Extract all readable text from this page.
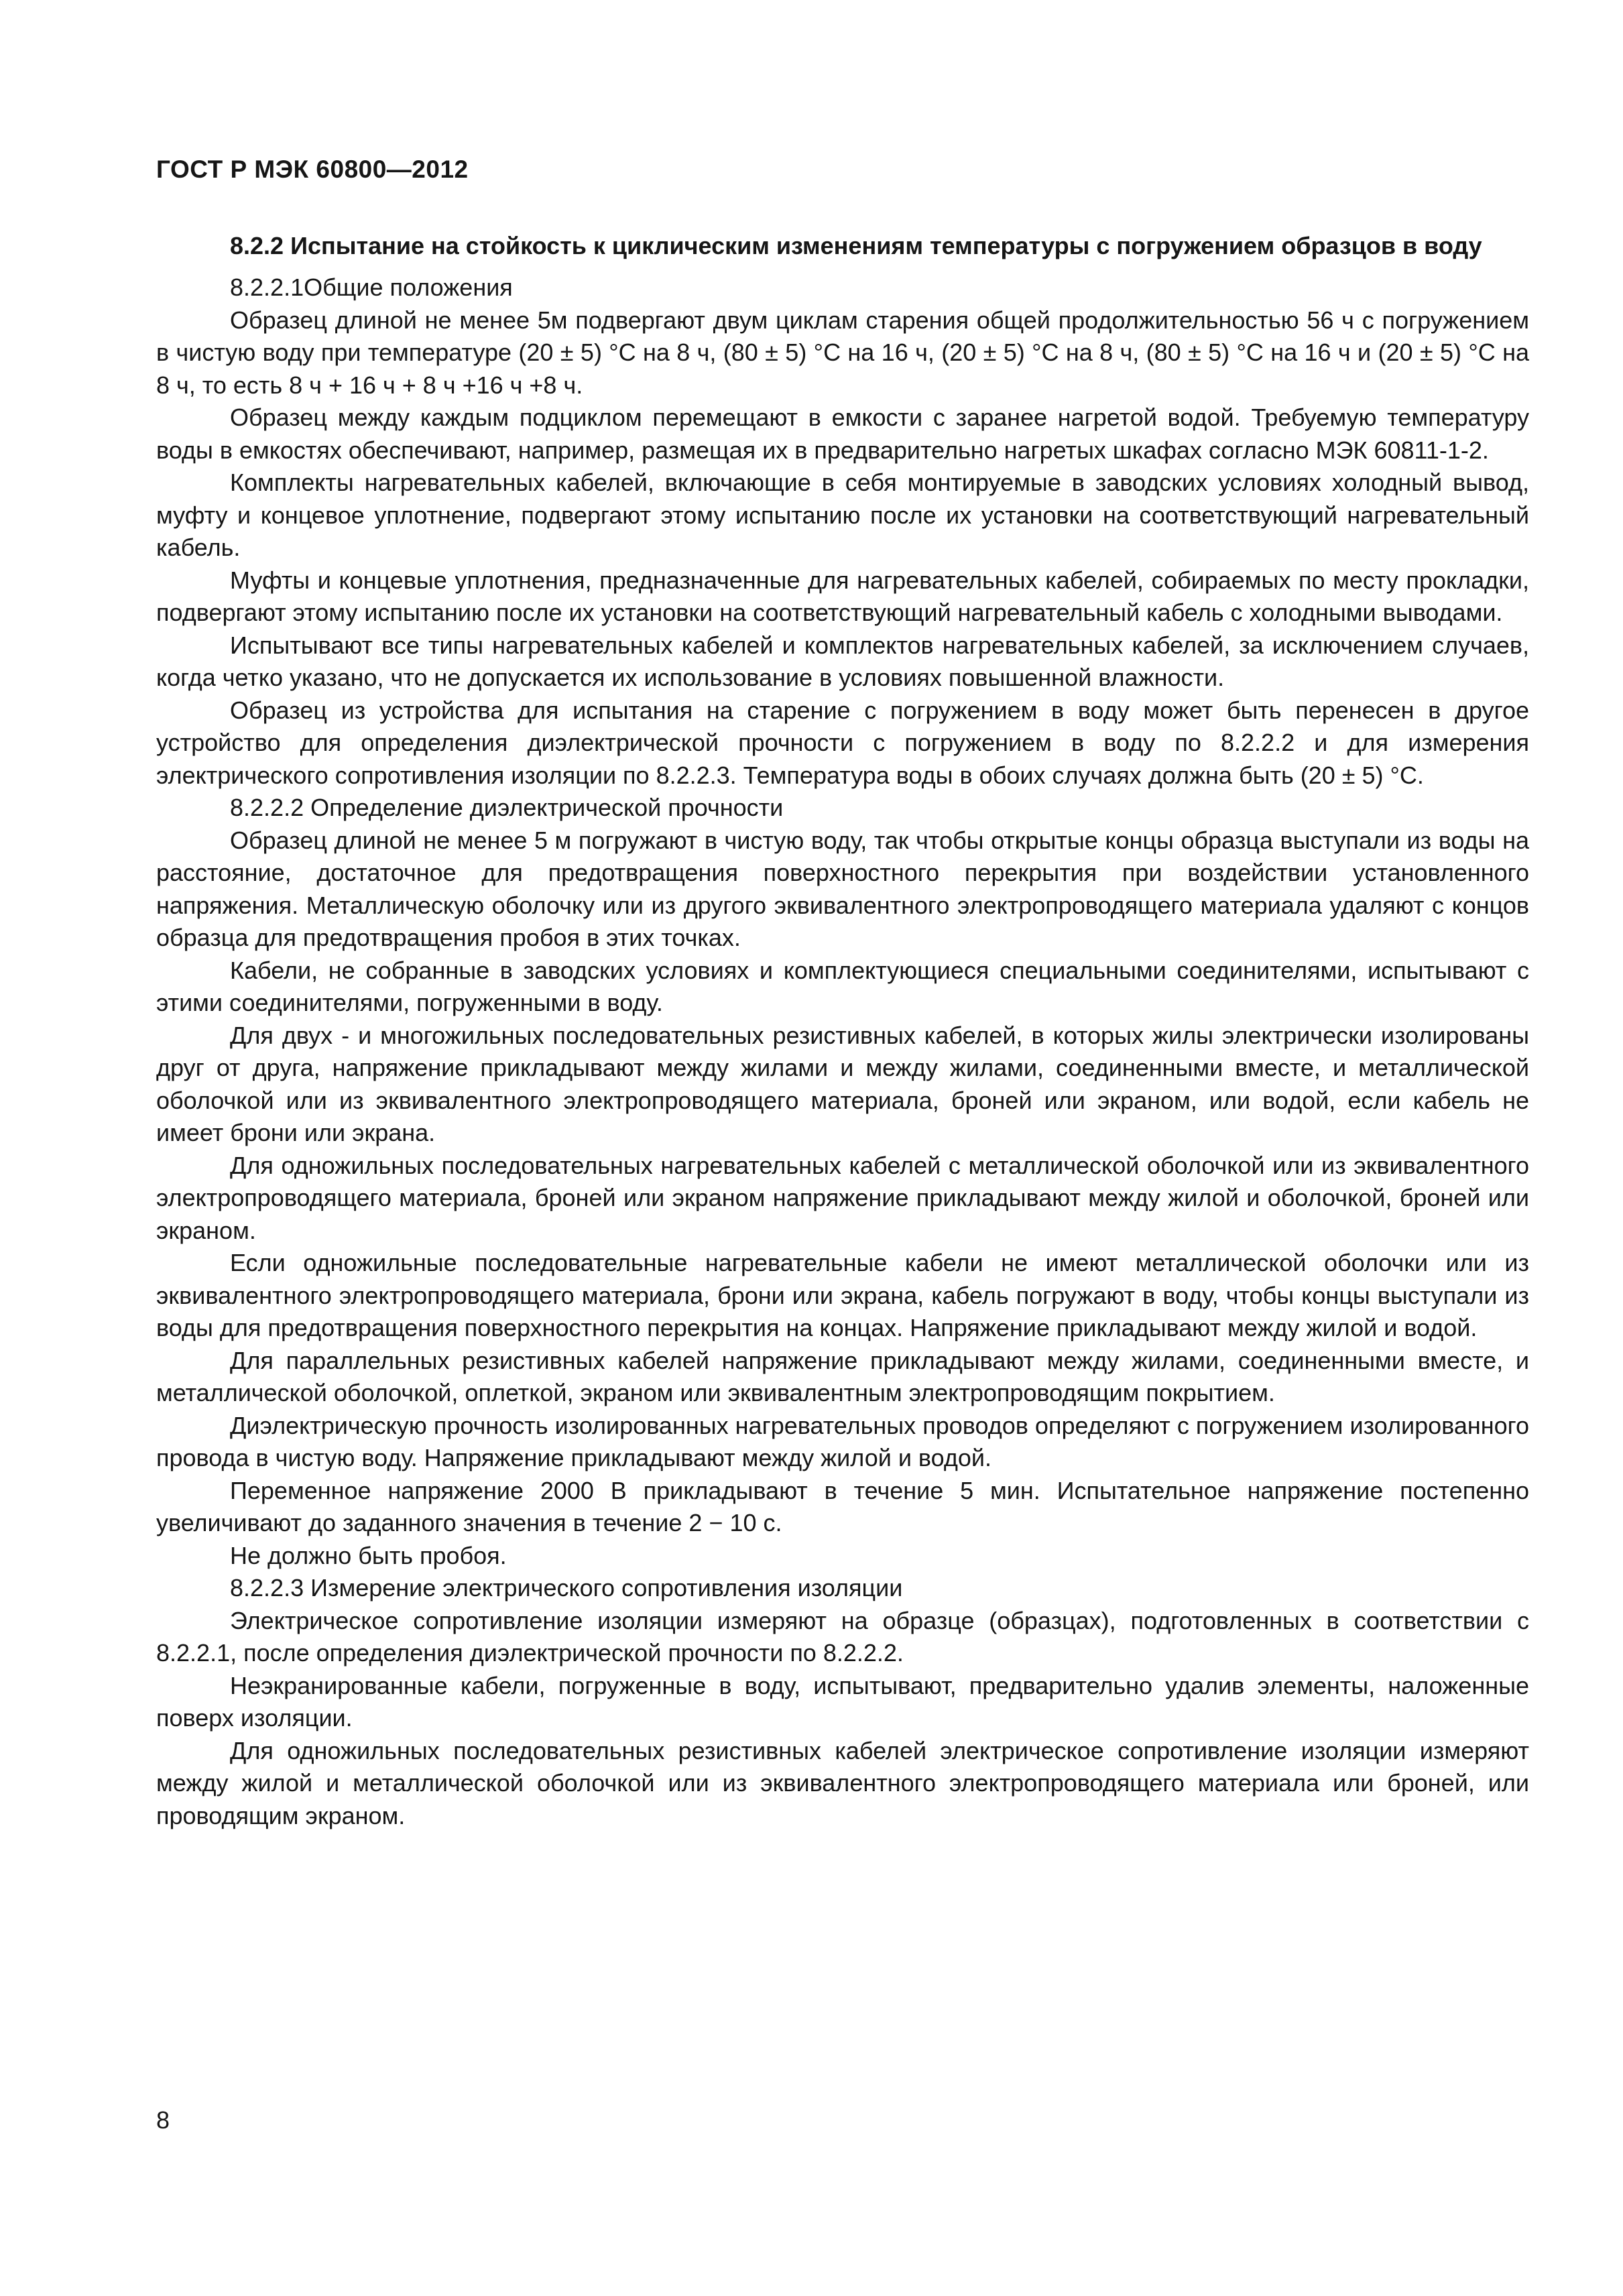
ГОСТ Р МЭК 60800—2012
8.2.2 Испытание на стойкость к циклическим изменениям температуры с погружением образцов в воду
8.2.2.1Общие положения

Образец длиной не менее 5м подвергают двум циклам старения общей продолжительностью 56 ч с погружением в чистую воду при температуре (20 ± 5) °С на 8 ч, (80 ± 5) °С на 16 ч, (20 ± 5) °С на 8 ч, (80 ± 5) °С на 16 ч и (20 ± 5) °С на 8 ч, то есть 8 ч + 16 ч + 8 ч +16 ч +8 ч.

Образец между каждым подциклом перемещают в емкости с заранее нагретой водой. Требуемую температуру воды в емкостях обеспечивают, например, размещая их в предварительно нагретых шкафах согласно МЭК 60811-1-2.

Комплекты нагревательных кабелей, включающие в себя монтируемые в заводских условиях холодный вывод, муфту и концевое уплотнение, подвергают этому испытанию после их установки на соответствующий нагревательный кабель.

Муфты и концевые уплотнения, предназначенные для нагревательных кабелей, собираемых по месту прокладки, подвергают этому испытанию после их установки на соответствующий нагревательный кабель с холодными выводами.

Испытывают все типы нагревательных кабелей и комплектов нагревательных кабелей, за исключением случаев, когда четко указано, что не допускается их использование в условиях повышенной влажности.

Образец из устройства для испытания на старение с погружением в воду может быть перенесен в другое устройство для определения диэлектрической прочности с погружением в воду по 8.2.2.2 и для измерения электрического сопротивления изоляции по 8.2.2.3. Температура воды в обоих случаях должна быть (20 ± 5) °С.

8.2.2.2 Определение диэлектрической прочности

Образец длиной не менее 5 м погружают в чистую воду, так чтобы открытые концы образца выступали из воды на расстояние, достаточное для предотвращения поверхностного перекрытия при воздействии установленного напряжения. Металлическую оболочку или из другого эквивалентного электропроводящего материала удаляют с концов образца для предотвращения пробоя в этих точках.

Кабели, не собранные в заводских условиях и комплектующиеся специальными соединителями, испытывают с этими соединителями, погруженными в воду.

Для двух - и многожильных последовательных резистивных кабелей, в которых жилы электрически изолированы друг от друга, напряжение прикладывают между жилами и между жилами, соединенными вместе, и металлической оболочкой или из эквивалентного электропроводящего материала, броней или экраном, или водой, если кабель не имеет брони или экрана.

Для одножильных последовательных нагревательных кабелей с металлической оболочкой или из эквивалентного электропроводящего материала, броней или экраном напряжение прикладывают между жилой и оболочкой, броней или экраном.

Если одножильные последовательные нагревательные кабели не имеют металлической оболочки или из эквивалентного электропроводящего материала, брони или экрана, кабель погружают в воду, чтобы концы выступали из воды для предотвращения поверхностного перекрытия на концах. Напряжение прикладывают между жилой и водой.

Для параллельных резистивных кабелей напряжение прикладывают между жилами, соединенными вместе, и металлической оболочкой, оплеткой, экраном или эквивалентным электропроводящим покрытием.

Диэлектрическую прочность изолированных нагревательных проводов определяют с погружением изолированного провода в чистую воду. Напряжение прикладывают между жилой и водой.

Переменное напряжение 2000 В прикладывают в течение 5 мин. Испытательное напряжение постепенно увеличивают до заданного значения в течение 2 − 10 с.

Не должно быть пробоя.
8.2.2.3 Измерение электрического сопротивления изоляции

Электрическое сопротивление изоляции измеряют на образце (образцах), подготовленных в соответствии с 8.2.2.1, после определения диэлектрической прочности по 8.2.2.2.

Неэкранированные кабели, погруженные в воду, испытывают, предварительно удалив элементы, наложенные поверх изоляции.

Для одножильных последовательных резистивных кабелей электрическое сопротивление изоляции измеряют между жилой и металлической оболочкой или из эквивалентного электропроводящего материала или броней, или проводящим экраном.

8
